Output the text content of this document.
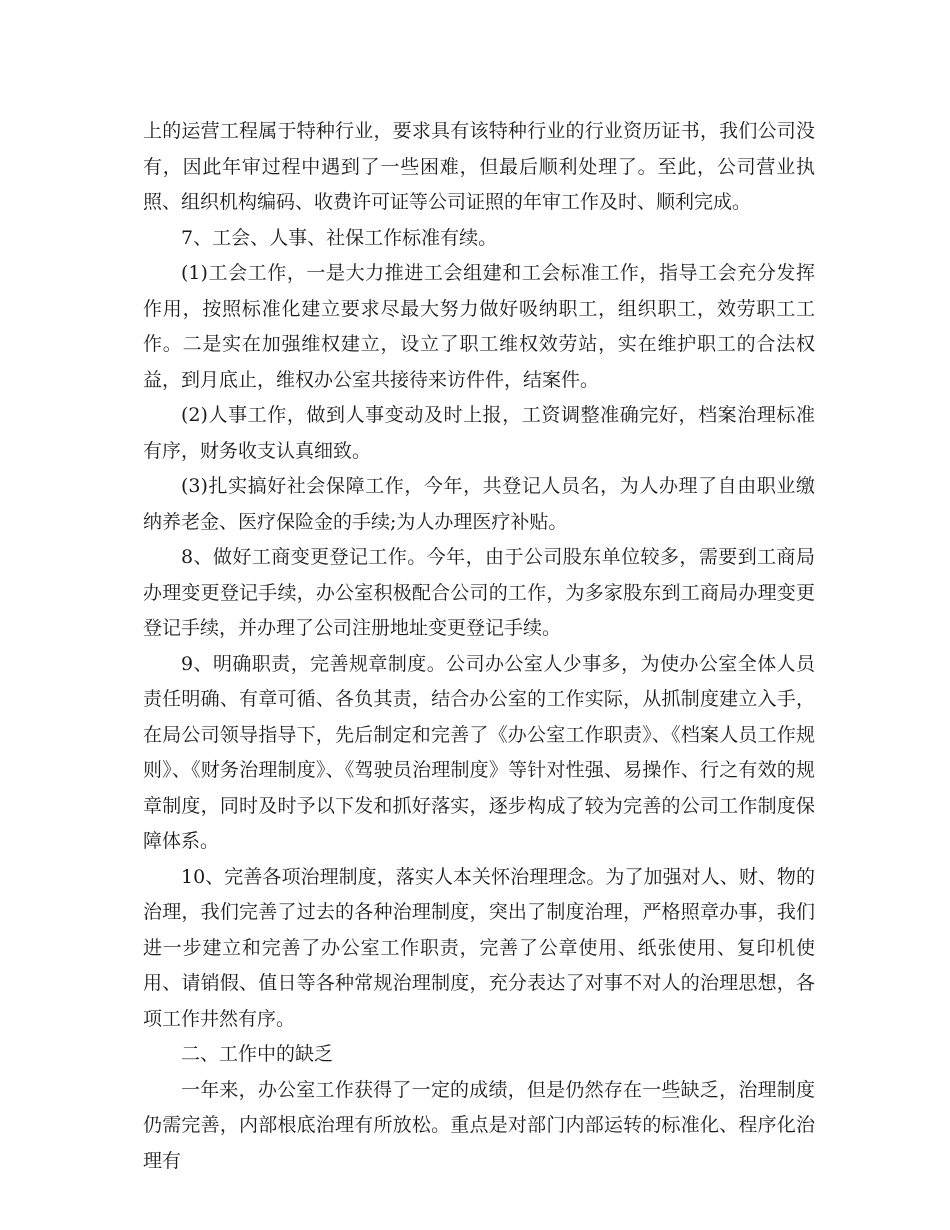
上的运营工程属于特种行业，要求具有该特种行业的行业资历证书，我们公司没有，因此年审过程中遇到了一些困难，但最后顺利处理了。至此，公司营业执照、组织机构编码、收费许可证等公司证照的年审工作及时、顺利完成。

7、工会、人事、社保工作标准有续。

(1)工会工作，一是大力推进工会组建和工会标准工作，指导工会充分发挥作用，按照标准化建立要求尽最大努力做好吸纳职工，组织职工，效劳职工工作。二是实在加强维权建立，设立了职工维权效劳站，实在维护职工的合法权益，到月底止，维权办公室共接待来访件件，结案件。

(2)人事工作，做到人事变动及时上报，工资调整准确完好，档案治理标准有序，财务收支认真细致。

(3)扎实搞好社会保障工作，今年，共登记人员名，为人办理了自由职业缴纳养老金、医疗保险金的手续;为人办理医疗补贴。

8、做好工商变更登记工作。今年，由于公司股东单位较多，需要到工商局办理变更登记手续，办公室积极配合公司的工作，为多家股东到工商局办理变更登记手续，并办理了公司注册地址变更登记手续。

9、明确职责，完善规章制度。公司办公室人少事多，为使办公室全体人员责任明确、有章可循、各负其责，结合办公室的工作实际，从抓制度建立入手，在局公司领导指导下，先后制定和完善了《办公室工作职责》、《档案人员工作规则》、《财务治理制度》、《驾驶员治理制度》等针对性强、易操作、行之有效的规章制度，同时及时予以下发和抓好落实，逐步构成了较为完善的公司工作制度保障体系。

10、完善各项治理制度，落实人本关怀治理理念。为了加强对人、财、物的治理，我们完善了过去的各种治理制度，突出了制度治理，严格照章办事，我们进一步建立和完善了办公室工作职责，完善了公章使用、纸张使用、复印机使用、请销假、值日等各种常规治理制度，充分表达了对事不对人的治理思想，各项工作井然有序。

二、工作中的缺乏

一年来，办公室工作获得了一定的成绩，但是仍然存在一些缺乏，治理制度仍需完善，内部根底治理有所放松。重点是对部门内部运转的标准化、程序化治理有
